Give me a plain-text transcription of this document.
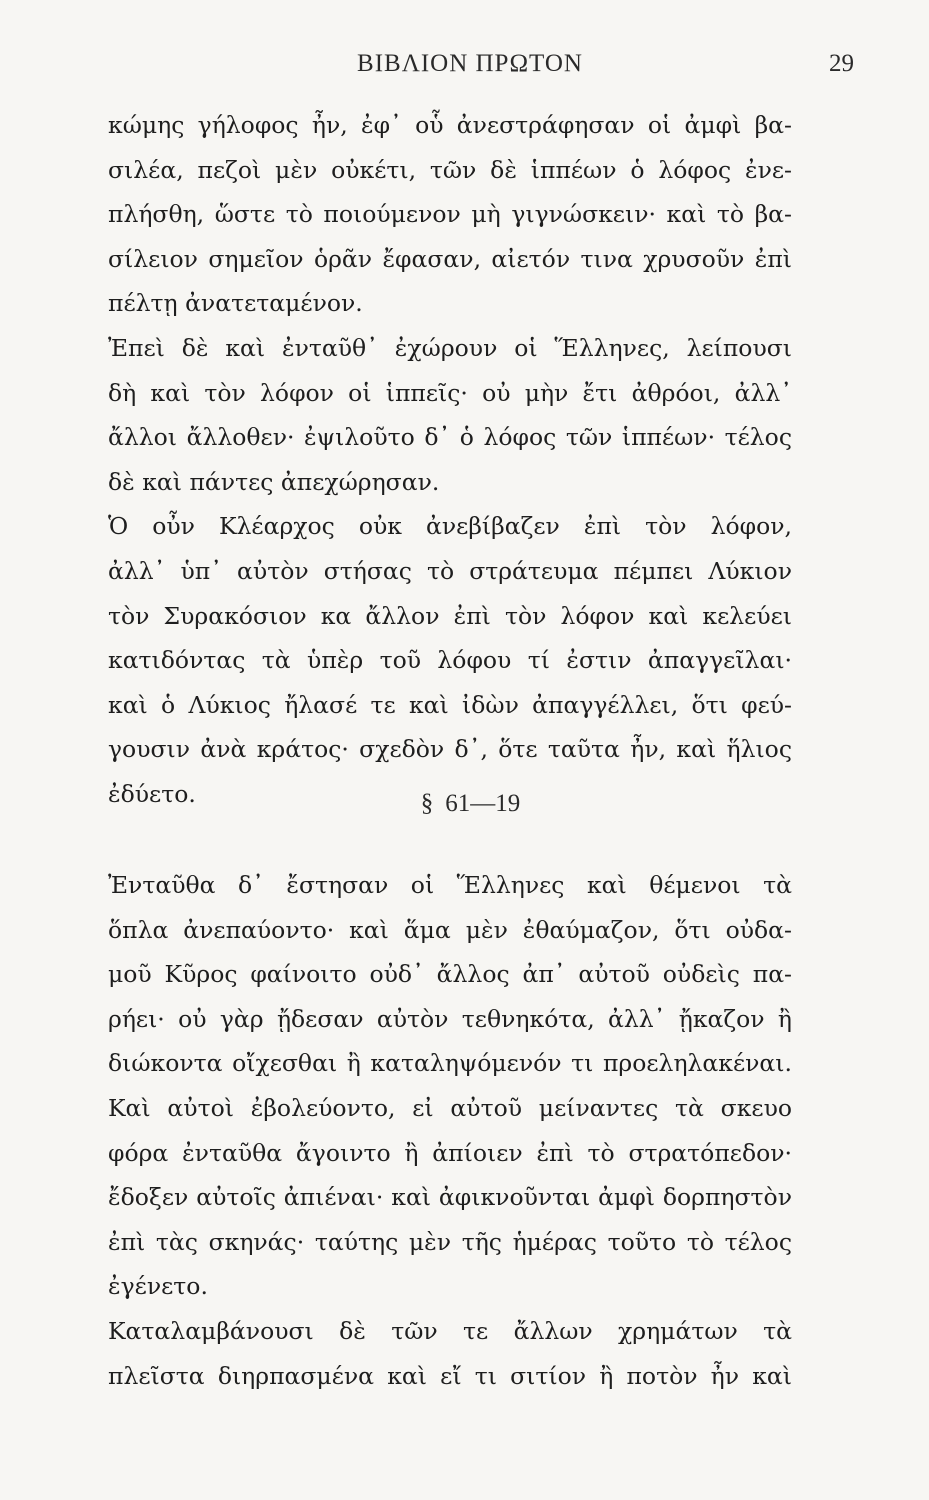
ΒΙΒΛΙΟΝ ΠΡΩΤΟΝ	29
κώμης γήλοφος ἦν, ἐφ᾽ οὗ ἀνεστράφησαν οἱ ἀμφὶ βα-
σιλέα, πεζοὶ μὲν οὐκέτι, τῶν δὲ ἱππέων ὁ λόφος ἐνε-
πλήσθη, ὥστε τὸ ποιούμενον μὴ γιγνώσκειν· καὶ τὸ βα-
σίλειον σημεῖον ὁρᾶν ἔφασαν, αἰετόν τινα χρυσοῦν ἐπὶ
πέλτῃ ἀνατεταμένον.
Ἐπεὶ δὲ καὶ ἐνταῦθ᾽ ἐχώρουν οἱ Ἕλληνες, λείπουσι
δὴ καὶ τὸν λόφον οἱ ἱππεῖς· οὐ μὴν ἔτι ἀθρόοι, ἀλλ᾽
ἄλλοι ἄλλοθεν· ἐψιλοῦτο δ᾽ ὁ λόφος τῶν ἱππέων· τέλος
δὲ καὶ πάντες ἀπεχώρησαν.
Ὁ οὖν Κλέαρχος οὐκ ἀνεβίβαζεν ἐπὶ τὸν λόφον,
ἀλλ᾽ ὑπ᾽ αὐτὸν στήσας τὸ στράτευμα πέμπει Λύκιον
τὸν Συρακόσιον κα ἄλλον ἐπὶ τὸν λόφον καὶ κελεύει
κατιδόντας τὰ ὑπὲρ τοῦ λόφου τί ἐστιν ἀπαγγεῖλαι·
καὶ ὁ Λύκιος ἤλασέ τε καὶ ἰδὼν ἀπαγγέλλει, ὅτι φεύ-
γουσιν ἀνὰ κράτος· σχεδὸν δ᾽, ὅτε ταῦτα ἦν, καὶ ἥλιος
ἐδύετο.	§ 61—19
Ἐνταῦθα δ᾽ ἔστησαν οἱ Ἕλληνες καὶ θέμενοι τὰ
ὅπλα ἀνεπαύοντο· καὶ ἅμα μὲν ἐθαύμαζον, ὅτι οὐδα-
μοῦ Κῦρος φαίνοιτο οὐδ᾽ ἄλλος ἀπ᾽ αὐτοῦ οὐδεὶς πα-
ρήει· οὐ γὰρ ᾔδεσαν αὐτὸν τεθνηκότα, ἀλλ᾽ ᾔκαζον ἢ
διώκοντα οἴχεσθαι ἢ καταληψόμενόν τι προεληλακέναι.
Καὶ αὐτοὶ ἐβολεύοντο, εἰ αὐτοῦ μείναντες τὰ σκευο
φόρα ἐνταῦθα ἄγοιντο ἢ ἀπίοιεν ἐπὶ τὸ στρατόπεδον·
ἔδοξεν αὐτοῖς ἀπιέναι· καὶ ἀφικνοῦνται ἀμφὶ δορπηστὸν
ἐπὶ τὰς σκηνάς· ταύτης μὲν τῆς ἡμέρας τοῦτο τὸ τέλος
ἐγένετο.
Καταλαμβάνουσι δὲ τῶν τε ἄλλων χρημάτων τὰ
πλεῖστα διηρπασμένα καὶ εἴ τι σιτίον ἢ ποτὸν ἦν καὶ
